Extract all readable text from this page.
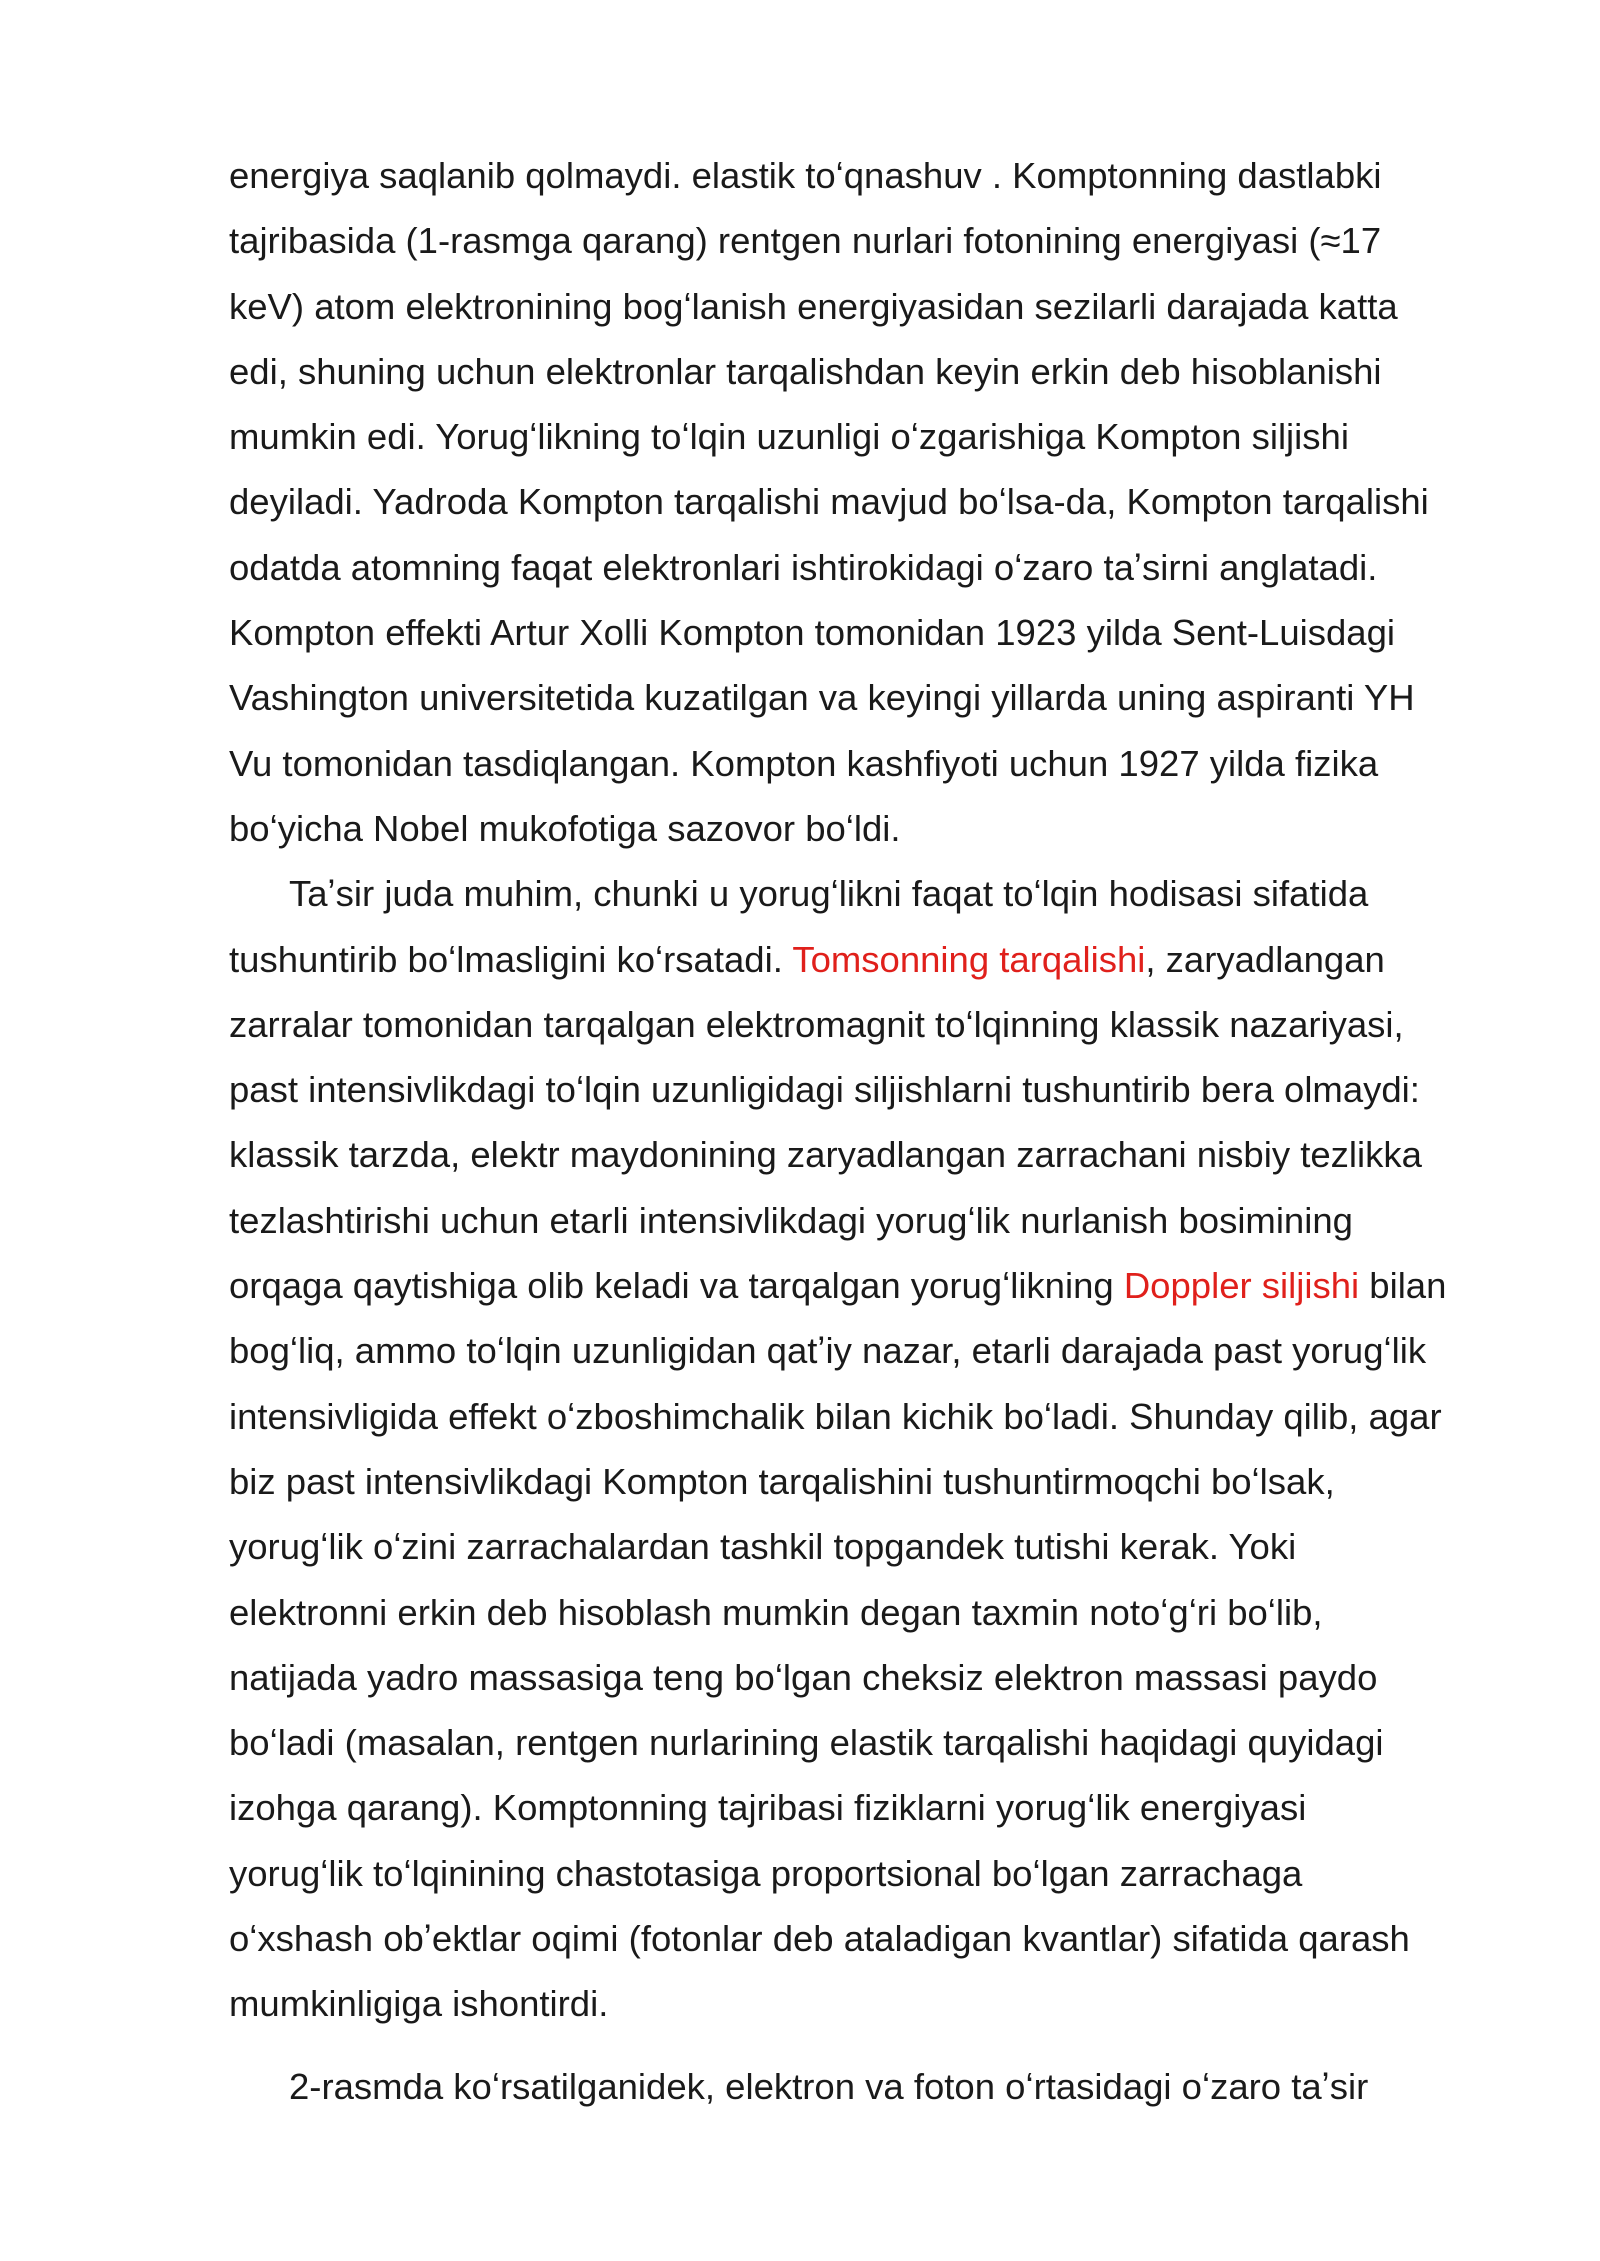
energiya saqlanib qolmaydi. elastik toʻqnashuv . Komptonning dastlabki
tajribasida (1-rasmga qarang) rentgen nurlari fotonining energiyasi (≈17
keV) atom elektronining bogʻlanish energiyasidan sezilarli darajada katta
edi, shuning uchun elektronlar tarqalishdan keyin erkin deb hisoblanishi
mumkin edi. Yorugʻlikning toʻlqin uzunligi oʻzgarishiga Kompton siljishi
deyiladi. Yadroda Kompton tarqalishi mavjud boʻlsa-da, Kompton tarqalishi
odatda atomning faqat elektronlari ishtirokidagi oʻzaro taʼsirni anglatadi.
Kompton effekti Artur Xolli Kompton tomonidan 1923 yilda Sent-Luisdagi
Vashington universitetida kuzatilgan va keyingi yillarda uning aspiranti YH
Vu tomonidan tasdiqlangan. Kompton kashfiyoti uchun 1927 yilda fizika
boʻyicha Nobel mukofotiga sazovor boʻldi.
Taʼsir juda muhim, chunki u yorugʻlikni faqat toʻlqin hodisasi sifatida
tushuntirib boʻlmasligini koʻrsatadi. Tomsonning tarqalishi, zaryadlangan
zarralar tomonidan tarqalgan elektromagnit toʻlqinning klassik nazariyasi,
past intensivlikdagi toʻlqin uzunligidagi siljishlarni tushuntirib bera olmaydi:
klassik tarzda, elektr maydonining zaryadlangan zarrachani nisbiy tezlikka
tezlashtirishi uchun etarli intensivlikdagi yorugʻlik nurlanish bosimining
orqaga qaytishiga olib keladi va tarqalgan yorugʻlikning Doppler siljishi bilan
bogʻliq, ammo toʻlqin uzunligidan qatʼiy nazar, etarli darajada past yorugʻlik
intensivligida effekt oʻzboshimchalik bilan kichik boʻladi. Shunday qilib, agar
biz past intensivlikdagi Kompton tarqalishini tushuntirmoqchi boʻlsak,
yorugʻlik oʻzini zarrachalardan tashkil topgandek tutishi kerak. Yoki
elektronni erkin deb hisoblash mumkin degan taxmin notoʻgʻri boʻlib,
natijada yadro massasiga teng boʻlgan cheksiz elektron massasi paydo
boʻladi (masalan, rentgen nurlarining elastik tarqalishi haqidagi quyidagi
izohga qarang). Komptonning tajribasi fiziklarni yorugʻlik energiyasi
yorugʻlik toʻlqinining chastotasiga proportsional boʻlgan zarrachaga
oʻxshash obʼektlar oqimi (fotonlar deb ataladigan kvantlar) sifatida qarash
mumkinligiga ishontirdi.
2-rasmda koʻrsatilganidek, elektron va foton oʻrtasidagi oʻzaro taʼsir
